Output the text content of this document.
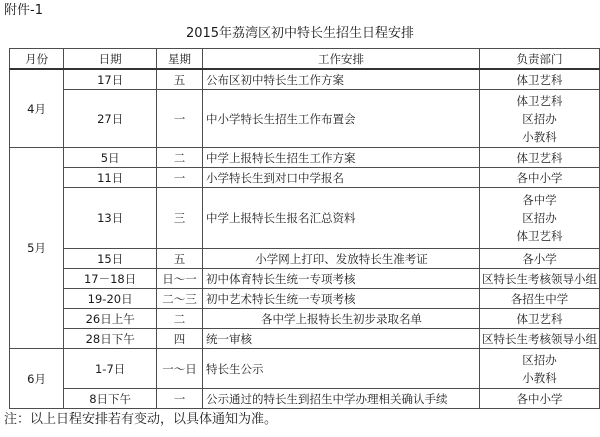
附件-1
2015年荔湾区初中特长生招生日程安排
月份	日期	星期	工作安排	负责部门
4月	17日	五	公布区初中特长生工作方案	体卫艺科
	27日	一	中小学特长生招生工作布置会	体卫艺科
区招办
小教科

5月	5日	二	中学上报特长生招生工作方案	体卫艺科
	11日	一	小学特长生到对口中学报名	各中小学
	13日	三	中学上报特长生报名汇总资料	各中学
区招办
体卫艺科

	15日	五	小学网上打印、发放特长生准考证	各小学
	17－18日	日～一	初中体育特长生统一专项考核	区特长生考核领导小组
	19-20日	二～三	初中艺术特长生统一专项考核	各招生中学
	26日上午	二	各中学上报特长生初步录取名单	体卫艺科
	28日下午	四	统一审核	区特长生考核领导小组
6月	1-7日	一～日	特长生公示	区招办
小教科

	8日下午	一	公示通过的特长生到招生中学办理相关确认手续	各中小学
注：以上日程安排若有变动，以具体通知为准。
